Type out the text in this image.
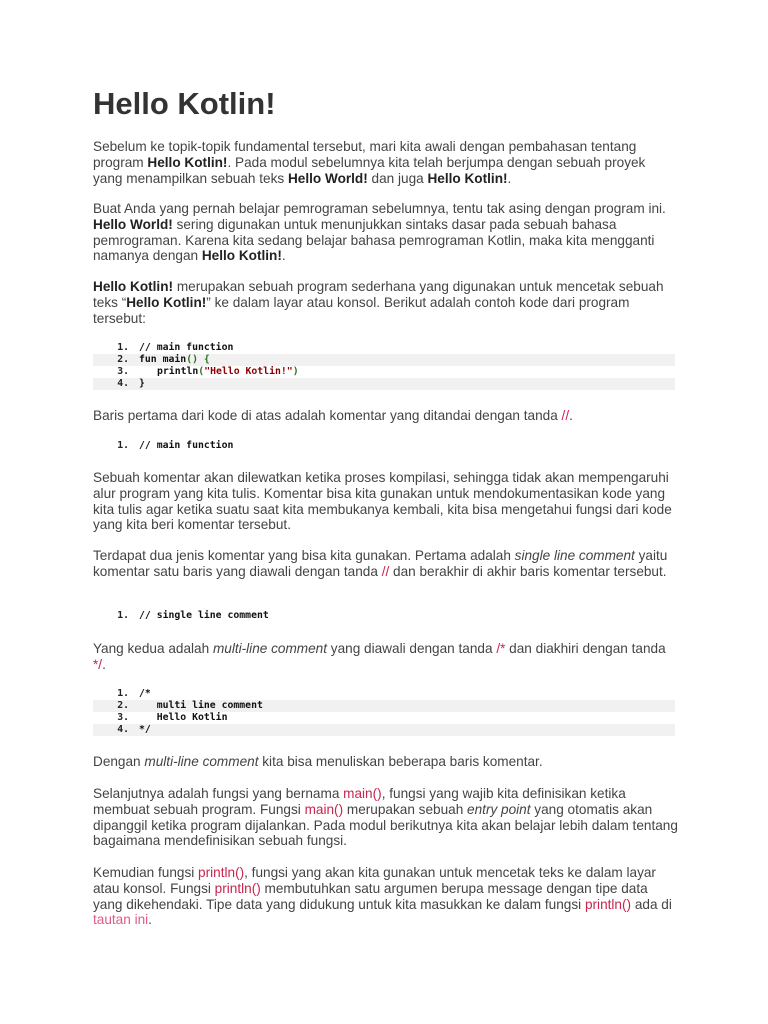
Hello Kotlin!

Sebelum ke topik-topik fundamental tersebut, mari kita awali dengan pembahasan tentang program Hello Kotlin!. Pada modul sebelumnya kita telah berjumpa dengan sebuah proyek yang menampilkan sebuah teks Hello World! dan juga Hello Kotlin!.

Buat Anda yang pernah belajar pemrograman sebelumnya, tentu tak asing dengan program ini. Hello World! sering digunakan untuk menunjukkan sintaks dasar pada sebuah bahasa pemrograman. Karena kita sedang belajar bahasa pemrograman Kotlin, maka kita mengganti namanya dengan Hello Kotlin!.

Hello Kotlin! merupakan sebuah program sederhana yang digunakan untuk mencetak sebuah teks “Hello Kotlin!” ke dalam layar atau konsol. Berikut adalah contoh kode dari program tersebut:

1. // main function
2. fun main() {
3.	println("Hello Kotlin!")
4. }

Baris pertama dari kode di atas adalah komentar yang ditandai dengan tanda //.

1. // main function

Sebuah komentar akan dilewatkan ketika proses kompilasi, sehingga tidak akan mempengaruhi alur program yang kita tulis. Komentar bisa kita gunakan untuk mendokumentasikan kode yang kita tulis agar ketika suatu saat kita membukanya kembali, kita bisa mengetahui fungsi dari kode yang kita beri komentar tersebut.

Terdapat dua jenis komentar yang bisa kita gunakan. Pertama adalah single line comment yaitu komentar satu baris yang diawali dengan tanda // dan berakhir di akhir baris komentar tersebut.

1. // single line comment

Yang kedua adalah multi-line comment yang diawali dengan tanda /* dan diakhiri dengan tanda */.

1. /*
2. multi line comment
3. Hello Kotlin
4. */

Dengan multi-line comment kita bisa menuliskan beberapa baris komentar.

Selanjutnya adalah fungsi yang bernama main(), fungsi yang wajib kita definisikan ketika membuat sebuah program. Fungsi main() merupakan sebuah entry point yang otomatis akan dipanggil ketika program dijalankan. Pada modul berikutnya kita akan belajar lebih dalam tentang bagaimana mendefinisikan sebuah fungsi.

Kemudian fungsi println(), fungsi yang akan kita gunakan untuk mencetak teks ke dalam layar atau konsol. Fungsi println() membutuhkan satu argumen berupa message dengan tipe data yang dikehendaki. Tipe data yang didukung untuk kita masukkan ke dalam fungsi println() ada di tautan ini.
